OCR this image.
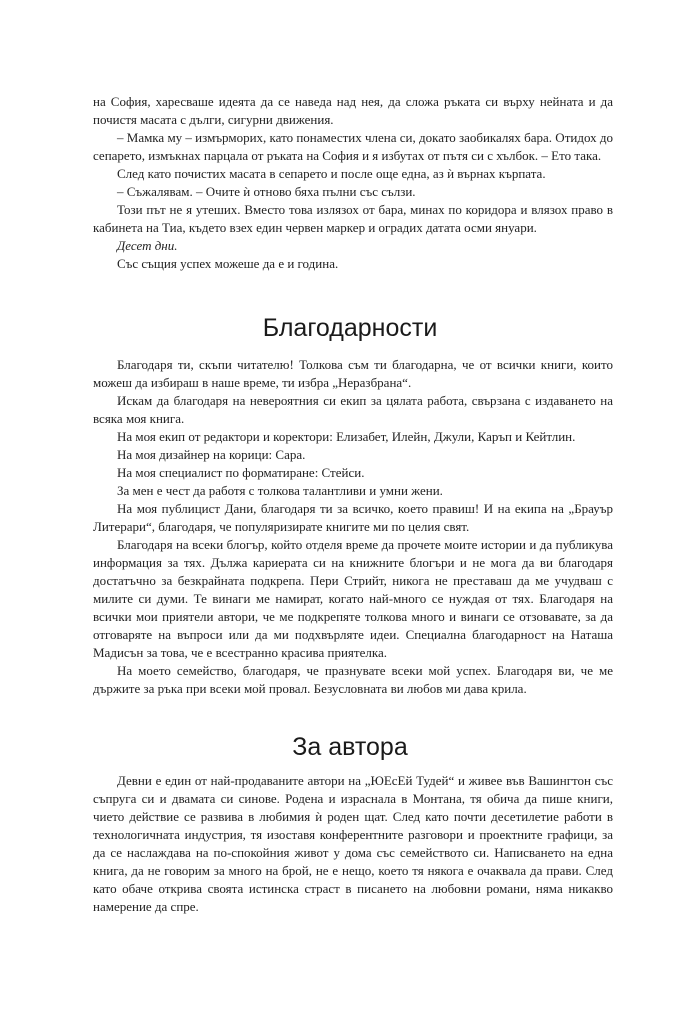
на София, харесваше идеята да се наведа над нея, да сложа ръката си върху нейната и да почистя масата с дълги, сигурни движения.

– Мамка му – измърморих, като понаместих члена си, докато заобикалях бара. Отидох до сепарето, измъкнах парцала от ръката на София и я избутах от пътя си с хълбок. – Ето така.

След като почистих масата в сепарето и после още една, аз ѝ върнах кърпата.

– Съжалявам. – Очите ѝ отново бяха пълни със сълзи.

Този път не я утеших. Вместо това излязох от бара, минах по коридора и влязох право в кабинета на Тиа, където взех един червен маркер и оградих датата осми януари.

Десет дни.

Със същия успех можеше да е и година.

Благодарности

Благодаря ти, скъпи читателю! Толкова съм ти благодарна, че от всички книги, които можеш да избираш в наше време, ти избра „Неразбрана“.

Искам да благодаря на невероятния си екип за цялата работа, свързана с издаването на всяка моя книга.

На моя екип от редактори и коректори: Елизабет, Илейн, Джули, Каръп и Кейтлин.

На моя дизайнер на корици: Сара.

На моя специалист по форматиране: Стейси.

За мен е чест да работя с толкова талантливи и умни жени.

На моя публицист Дани, благодаря ти за всичко, което правиш! И на екипа на „Брауър Литерари“, благодаря, че популяризирате книгите ми по целия свят.

Благодаря на всеки блогър, който отделя време да прочете моите истории и да публикува информация за тях. Дължа кариерата си на книжните блогъри и не мога да ви благодаря достатъчно за безкрайната подкрепа. Пери Стрийт, никога не преставаш да ме учудваш с милите си думи. Те винаги ме намират, когато най-много се нуждая от тях. Благодаря на всички мои приятели автори, че ме подкрепяте толкова много и винаги се отзовавате, за да отговаряте на въпроси или да ми подхвърляте идеи. Специална благодарност на Наташа Мадисън за това, че е всестранно красива приятелка.

На моето семейство, благодаря, че празнувате всеки мой успех. Благодаря ви, че ме държите за ръка при всеки мой провал. Безусловната ви любов ми дава крила.

За автора

Девни е един от най-продаваните автори на „ЮЕсЕй Тудей“ и живее във Вашингтон със съпруга си и двамата си синове. Родена и израснала в Монтана, тя обича да пише книги, чието действие се развива в любимия ѝ роден щат. След като почти десетилетие работи в технологичната индустрия, тя изоставя конферентните разговори и проектните графици, за да се наслаждава на по-спокойния живот у дома със семейството си. Написването на една книга, да не говорим за много на брой, не е нещо, което тя някога е очаквала да прави. След като обаче открива своята истинска страст в писането на любовни романи, няма никакво намерение да спре.
